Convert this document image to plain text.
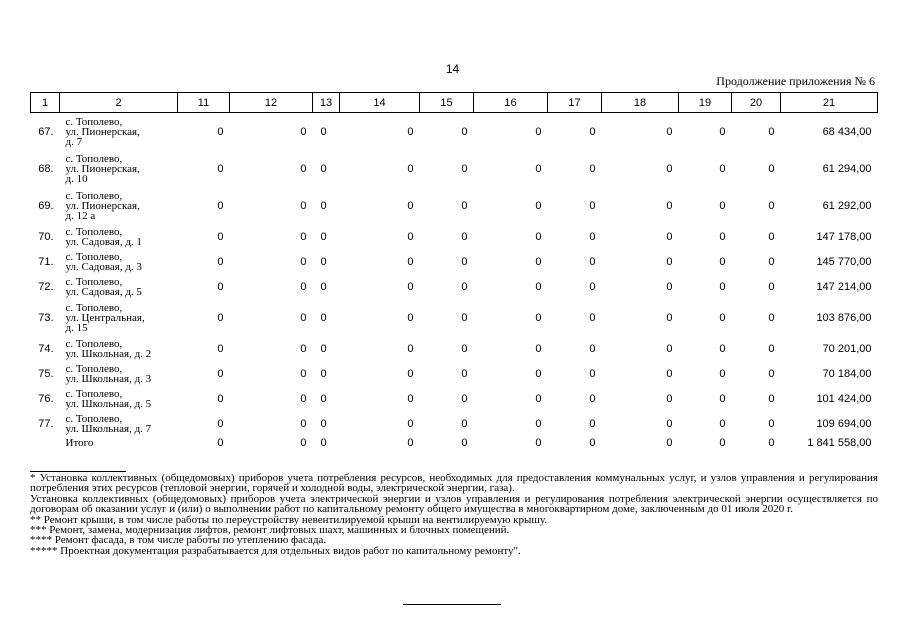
14
Продолжение приложения № 6
1	2	11	12	13	14	15	16	17	18	19	20	21
67.	с. Тополево,
ул. Пионерская,
д. 7	0	0	0	0	0	0	0	0	0	0	68 434,00
68.	с. Тополево,
ул. Пионерская,
д. 10	0	0	0	0	0	0	0	0	0	0	61 294,00
69.	с. Тополево,
ул. Пионерская,
д. 12 а	0	0	0	0	0	0	0	0	0	0	61 292,00
70.	с. Тополево,
ул. Садовая, д. 1	0	0	0	0	0	0	0	0	0	0	147 178,00
71.	с. Тополево,
ул. Садовая, д. 3	0	0	0	0	0	0	0	0	0	0	145 770,00
72.	с. Тополево,
ул. Садовая, д. 5	0	0	0	0	0	0	0	0	0	0	147 214,00
73.	с. Тополево,
ул. Центральная,
д. 15	0	0	0	0	0	0	0	0	0	0	103 876,00
74.	с. Тополево,
ул. Школьная, д. 2	0	0	0	0	0	0	0	0	0	0	70 201,00
75.	с. Тополево,
ул. Школьная, д. 3	0	0	0	0	0	0	0	0	0	0	70 184,00
76.	с. Тополево,
ул. Школьная, д. 5	0	0	0	0	0	0	0	0	0	0	101 424,00
77.	с. Тополево,
ул. Школьная, д. 7	0	0	0	0	0	0	0	0	0	0	109 694,00
	Итого	0	0	0	0	0	0	0	0	0	0	1 841 558,00

* Установка коллективных (общедомовых) приборов учета потребления ресурсов, необходимых для предоставления коммунальных услуг, и узлов управления и регулирования потребления этих ресурсов (тепловой энергии, горячей и холодной воды, электрической энергии, газа).

Установка коллективных (общедомовых) приборов учета электрической энергии и узлов управления и регулирования потребления электрической энергии осуществляется по договорам об оказании услуг и (или) о выполнении работ по капитальному ремонту общего имущества в многоквартирном доме, заключенным до 01 июля 2020 г.

** Ремонт крыши, в том числе работы по переустройству невентилируемой крыши на вентилируемую крышу.

*** Ремонт, замена, модернизация лифтов, ремонт лифтовых шахт, машинных и блочных помещений.

**** Ремонт фасада, в том числе работы по утеплению фасада.

***** Проектная документация разрабатывается для отдельных видов работ по капитальному ремонту".
